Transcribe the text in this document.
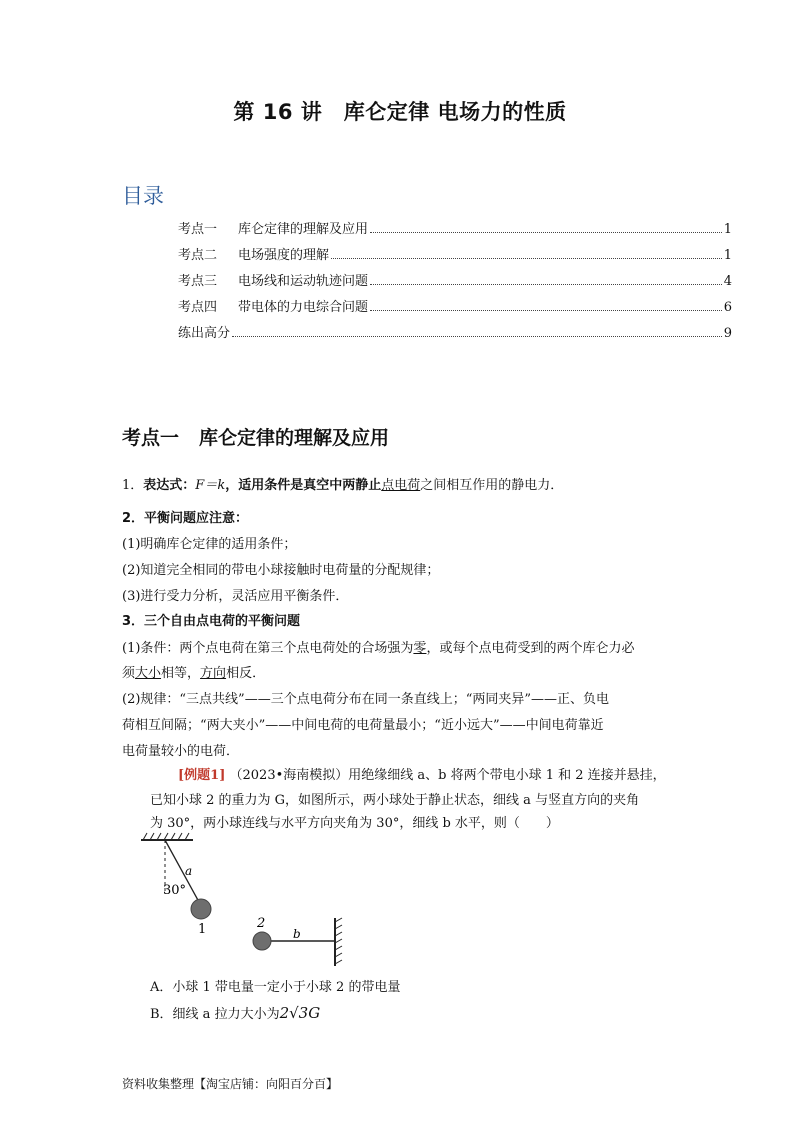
第 16 讲　库仑定律 电场力的性质
目录
考点一	库仑定律的理解及应用	1
考点二	电场强度的理解	1
考点三	电场线和运动轨迹问题	4
考点四	带电体的力电综合问题	6
练出高分	9
考点一 库仑定律的理解及应用
1．表达式：F＝k，适用条件是真空中两静止点电荷之间相互作用的静电力．
2．平衡问题应注意：
(1)明确库仑定律的适用条件；
(2)知道完全相同的带电小球接触时电荷量的分配规律；
(3)进行受力分析，灵活应用平衡条件．
3．三个自由点电荷的平衡问题
(1)条件：两个点电荷在第三个点电荷处的合场强为零，或每个点电荷受到的两个库仑力必
须大小相等，方向相反．
(2)规律：“三点共线”——三个点电荷分布在同一条直线上；“两同夹异”——正、负电
荷相互间隔；“两大夹小”——中间电荷的电荷量最小；“近小远大”——中间电荷靠近
电荷量较小的电荷．
[例题1] （2023•海南模拟）用绝缘细线 a、b 将两个带电小球 1 和 2 连接并悬挂，
已知小球 2 的重力为 G，如图所示，两小球处于静止状态，细线 a 与竖直方向的夹角
为 30°，两小球连线与水平方向夹角为 30°，细线 b 水平，则（　　）
a
30°
1	b
2
A．小球 1 带电量一定小于小球 2 的带电量
B．细线 a 拉力大小为2√3G
资料收集整理【淘宝店铺：向阳百分百】
